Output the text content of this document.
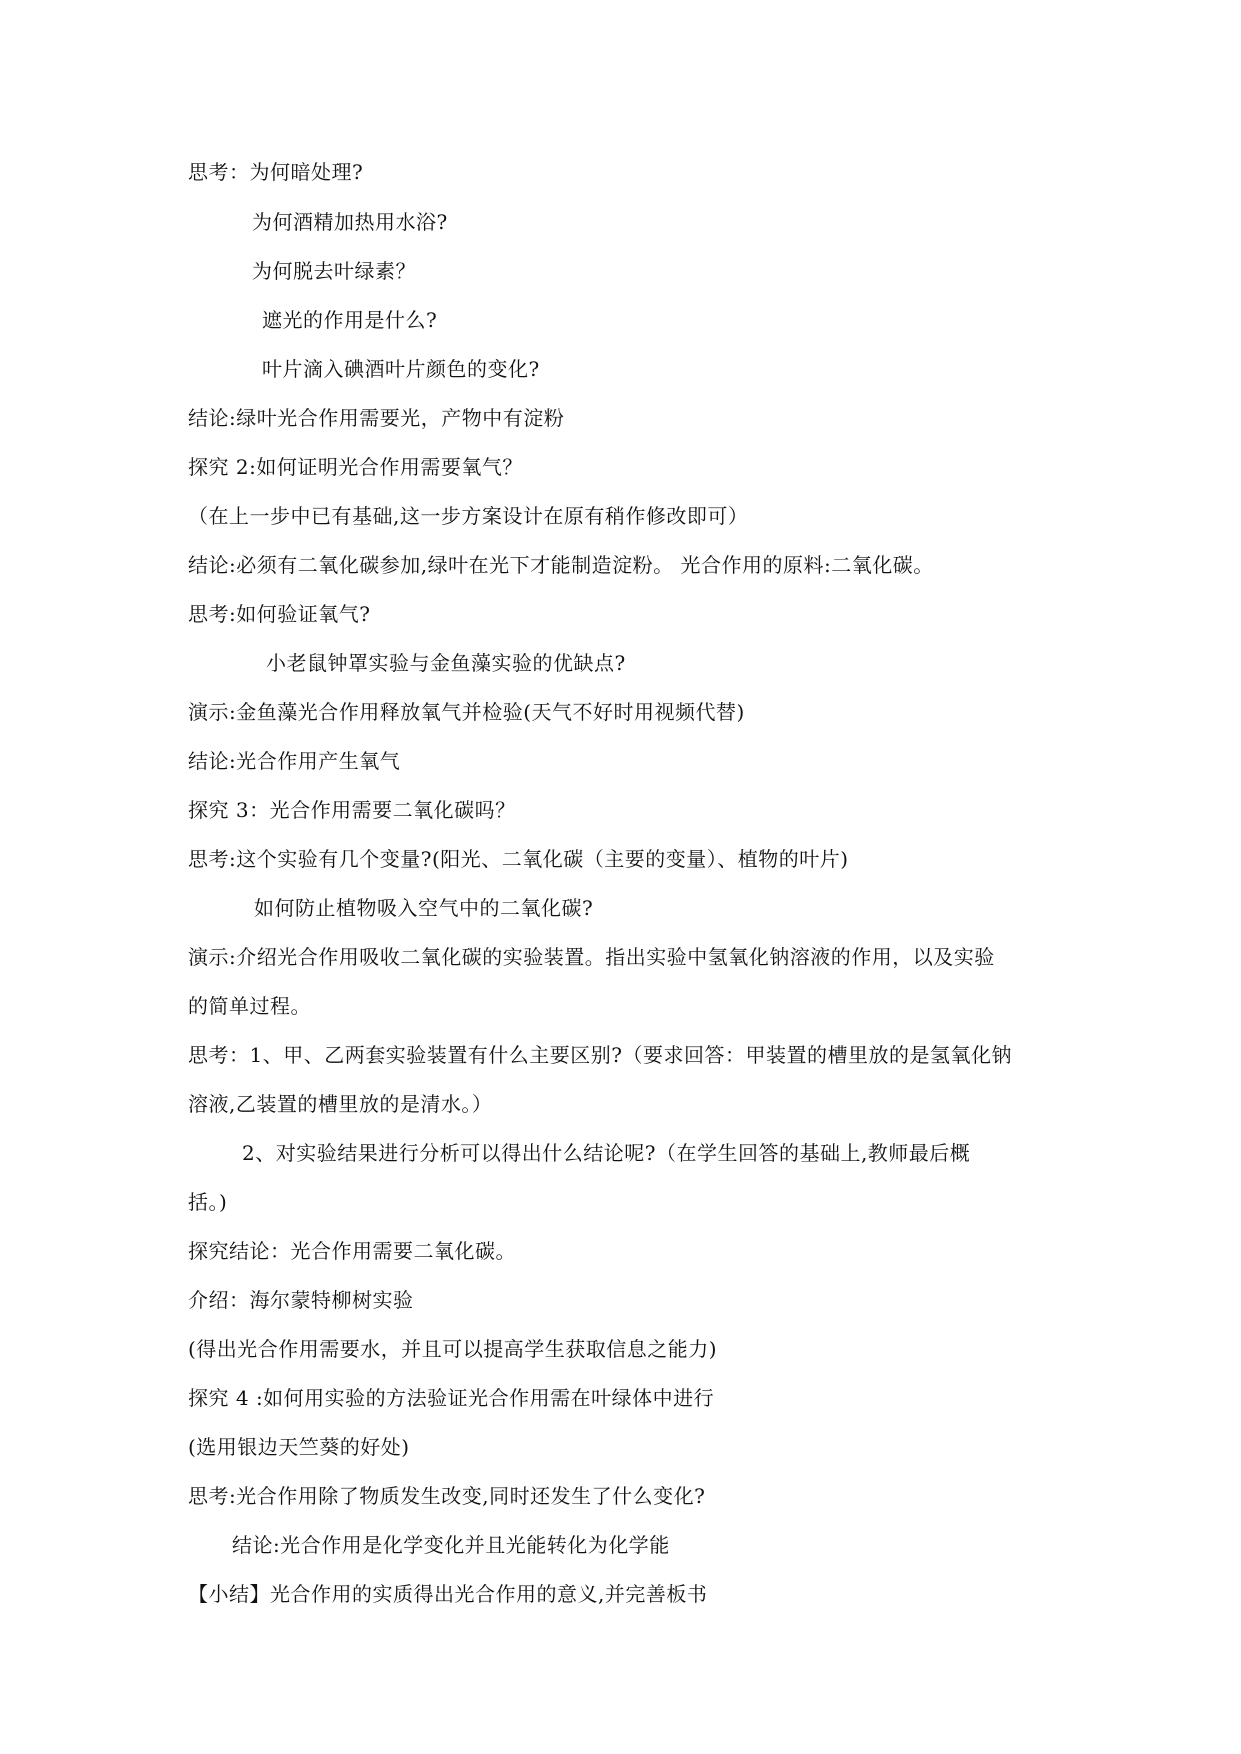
思考：为何暗处理?
为何酒精加热用水浴?
为何脱去叶绿素？
遮光的作用是什么?
叶片滴入碘酒叶片颜色的变化?
结论:绿叶光合作用需要光，产物中有淀粉
探究 2:如何证明光合作用需要氧气？
（在上一步中已有基础,这一步方案设计在原有稍作修改即可）
结论:必须有二氧化碳参加,绿叶在光下才能制造淀粉。 光合作用的原料:二氧化碳。
思考:如何验证氧气?
小老鼠钟罩实验与金鱼藻实验的优缺点?
演示:金鱼藻光合作用释放氧气并检验(天气不好时用视频代替)
结论:光合作用产生氧气
探究 3：光合作用需要二氧化碳吗？
思考:这个实验有几个变量?(阳光、二氧化碳（主要的变量）、植物的叶片)
如何防止植物吸入空气中的二氧化碳?
演示:介绍光合作用吸收二氧化碳的实验装置。指出实验中氢氧化钠溶液的作用，以及实验
的简单过程。
思考：1、甲、乙两套实验装置有什么主要区别?（要求回答：甲装置的槽里放的是氢氧化钠
溶液,乙装置的槽里放的是清水。）
2、对实验结果进行分析可以得出什么结论呢?（在学生回答的基础上,教师最后概
括。)
探究结论：光合作用需要二氧化碳。
介绍：海尔蒙特柳树实验
(得出光合作用需要水，并且可以提高学生获取信息之能力)
探究 4 :如何用实验的方法验证光合作用需在叶绿体中进行
(选用银边天竺葵的好处)
思考:光合作用除了物质发生改变,同时还发生了什么变化?
结论:光合作用是化学变化并且光能转化为化学能
【小结】光合作用的实质得出光合作用的意义,并完善板书
